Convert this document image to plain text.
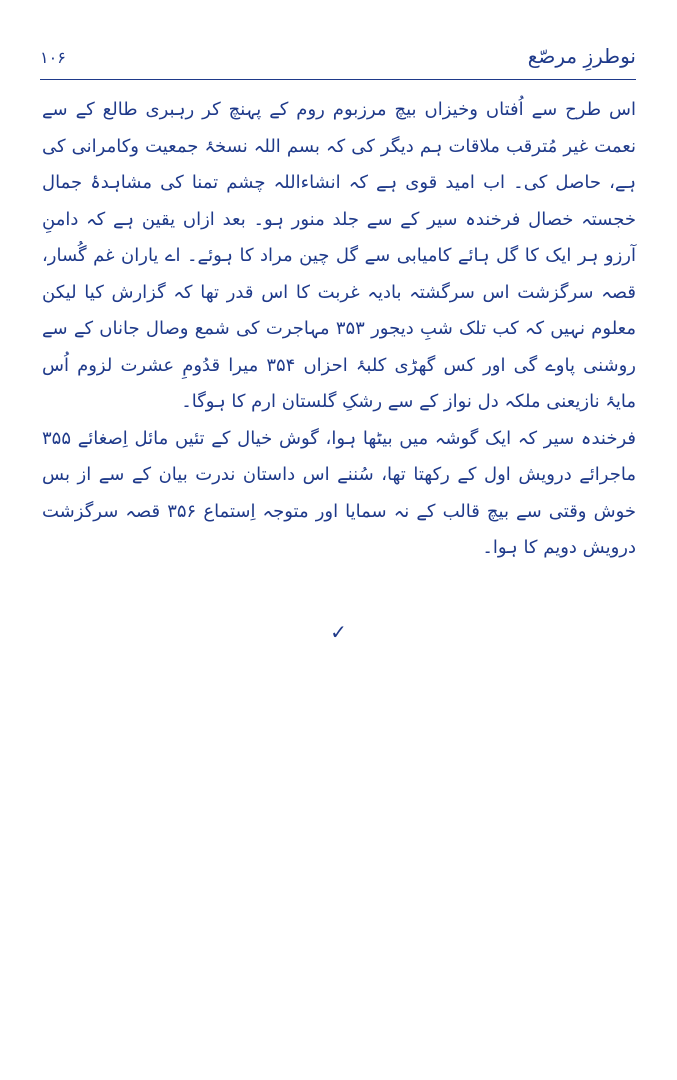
۱۰۶	نوطرزِ مرصّع

اس طرح سے اُفتاں وخیزاں بیچ مرزبوم روم کے پہنچ کر رہبری طالع کے سے نعمت غیر مُترقب ملاقات ہم دیگر کی کہ بسم اللہ نسخۂ جمعیت وکامرانی کی ہے، حاصل کی۔ اب امید قوی ہے کہ انشاءاللہ چشم تمنا کی مشاہدۂ جمال خجستہ خصال فرخندہ سیر کے سے جلد منور ہو۔ بعد ازاں یقین ہے کہ دامنِ آرزو ہر ایک کا گل ہائے کامیابی سے گل چین مراد کا ہوئے۔ اے یاران غم گُسار، قصہ سرگزشت اس سرگشتہ بادیہ غربت کا اس قدر تھا کہ گزارش کیا لیکن معلوم نہیں کہ کب تلک شبِ دیجور ۳۵۳ مہاجرت کی شمع وصال جاناں کے سے روشنی پاوے گی اور کس گھڑی کلبۂ احزاں ۳۵۴ میرا قدُومِ عشرت لزوم اُس مایۂ نازیعنی ملکہ دل نواز کے سے رشکِ گلستان ارم کا ہوگا۔

فرخندہ سیر کہ ایک گوشہ میں بیٹھا ہوا، گوش خیال کے تئیں مائل اِصغائے ۳۵۵ ماجرائے درویش اول کے رکھتا تھا، سُننے اس داستان ندرت بیان کے سے از بس خوش وقتی سے بیچ قالب کے نہ سمایا اور متوجہ اِستماع ۳۵۶ قصہ سرگزشت درویش دویم کا ہوا۔

✓
